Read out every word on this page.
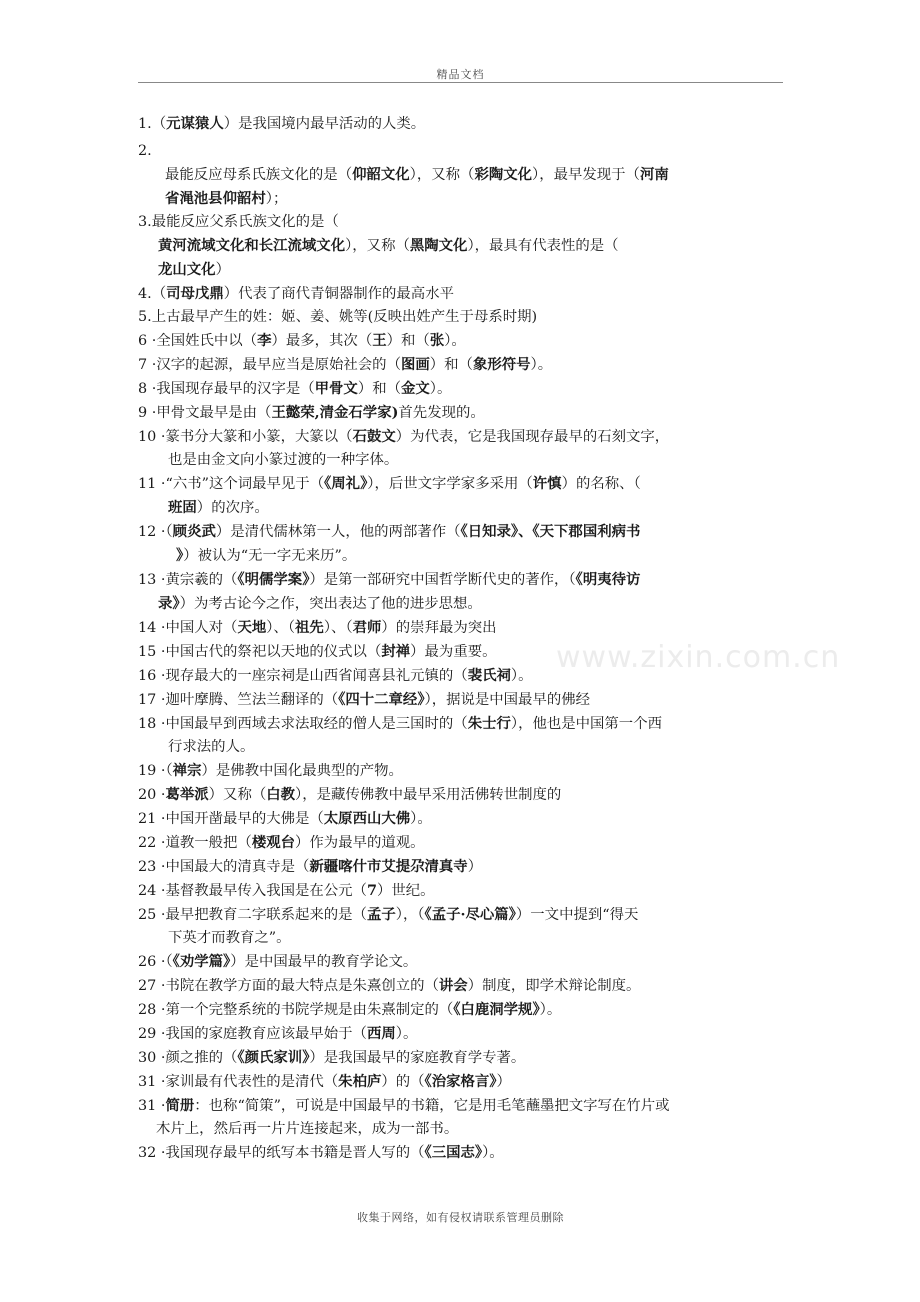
精品文档
www.zixin.com.cn
1.（元谋猿人）是我国境内最早活动的人类。
2.
最能反应母系氏族文化的是（仰韶文化），又称（彩陶文化），最早发现于（河南
省渑池县仰韶村）；
3.最能反应父系氏族文化的是（
黄河流域文化和长江流域文化），又称（黑陶文化），最具有代表性的是（
龙山文化）
4.（司母戊鼎）代表了商代青铜器制作的最高水平
5.上古最早产生的姓：姬、姜、姚等(反映出姓产生于母系时期)
6 ·全国姓氏中以（李）最多，其次（王）和（张）。
7 ·汉字的起源，最早应当是原始社会的（图画）和（象形符号）。
8 ·我国现存最早的汉字是（甲骨文）和（金文）。
9 ·甲骨文最早是由（王懿荣,清金石学家)首先发现的。
10 ·篆书分大篆和小篆，大篆以（石鼓文）为代表，它是我国现存最早的石刻文字，
也是由金文向小篆过渡的一种字体。
11 ·“六书”这个词最早见于（《周礼》），后世文字学家多采用（许慎）的名称、（
班固）的次序。
12 ·（顾炎武）是清代儒林第一人，他的两部著作（《日知录》、《天下郡国利病书
》）被认为“无一字无来历”。
13 ·黄宗羲的（《明儒学案》）是第一部研究中国哲学断代史的著作，（《明夷待访
录》）为考古论今之作，突出表达了他的进步思想。
14 ·中国人对（天地）、（祖先）、（君师）的崇拜最为突出
15 ·中国古代的祭祀以天地的仪式以（封禅）最为重要。
16 ·现存最大的一座宗祠是山西省闻喜县礼元镇的（裴氏祠）。
17 ·迦叶摩腾、竺法兰翻译的（《四十二章经》），据说是中国最早的佛经
18 ·中国最早到西域去求法取经的僧人是三国时的（朱士行），他也是中国第一个西
行求法的人。
19 ·（禅宗）是佛教中国化最典型的产物。
20 ·葛举派）又称（白教），是藏传佛教中最早采用活佛转世制度的
21 ·中国开凿最早的大佛是（太原西山大佛）。
22 ·道教一般把（楼观台）作为最早的道观。
23 ·中国最大的清真寺是（新疆喀什市艾提尕清真寺）
24 ·基督教最早传入我国是在公元（7）世纪。
25 ·最早把教育二字联系起来的是（孟子），（《孟子·尽心篇》）一文中提到“得天
下英才而教育之”。
26 ·（《劝学篇》）是中国最早的教育学论文。
27 ·书院在教学方面的最大特点是朱熹创立的（讲会）制度，即学术辩论制度。
28 ·第一个完整系统的书院学规是由朱熹制定的（《白鹿洞学规》）。
29 ·我国的家庭教育应该最早始于（西周）。
30 ·颜之推的（《颜氏家训》）是我国最早的家庭教育学专著。
31 ·家训最有代表性的是清代（朱柏庐）的（《治家格言》）
31 ·简册：也称“简策”，可说是中国最早的书籍，它是用毛笔蘸墨把文字写在竹片或
木片上，然后再一片片连接起来，成为一部书。
32 ·我国现存最早的纸写本书籍是晋人写的（《三国志》）。
收集于网络，如有侵权请联系管理员删除
